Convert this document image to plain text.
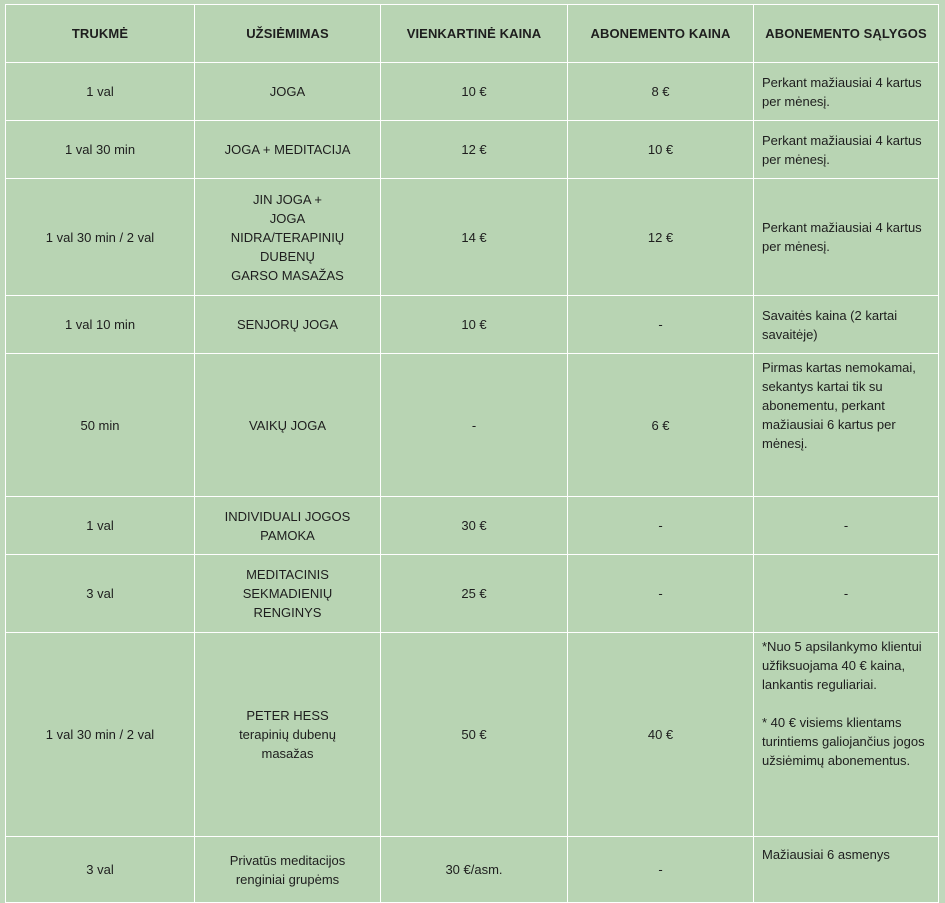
TRUKMĖ	UŽSIĖMIMAS	VIENKARTINĖ KAINA	ABONEMENTO KAINA	ABONEMENTO SĄLYGOS
1 val	JOGA	10 €	8 €	Perkant mažiausiai 4 kartus per mėnesį.
1 val 30 min	JOGA + MEDITACIJA	12 €	10 €	Perkant mažiausiai 4 kartus per mėnesį.
1 val 30 min / 2 val	JIN JOGA +
JOGA
NIDRA/TERAPINIŲ
DUBENŲ
GARSO MASAŽAS	14 €	12 €	Perkant mažiausiai 4 kartus per mėnesį.
1 val 10 min	SENJORŲ JOGA	10 €	-	Savaitės kaina (2 kartai savaitėje)
50 min	VAIKŲ JOGA	-	6 €	Pirmas kartas nemokamai, sekantys kartai tik su abonementu, perkant mažiausiai 6 kartus per mėnesį.
1 val	INDIVIDUALI JOGOS
PAMOKA	30 €	-	-
3 val	MEDITACINIS
SEKMADIENIŲ
RENGINYS	25 €	-	-
1 val 30 min / 2 val	PETER HESS
terapinių dubenų
masažas	50 €	40 €	*Nuo 5 apsilankymo klientui užfiksuojama 40 € kaina, lankantis reguliariai.

* 40 € visiems klientams turintiems galiojančius jogos užsiėmimų abonementus.
3 val	Privatūs meditacijos
renginiai grupėms	30 €/asm.	-	Mažiausiai 6 asmenys
